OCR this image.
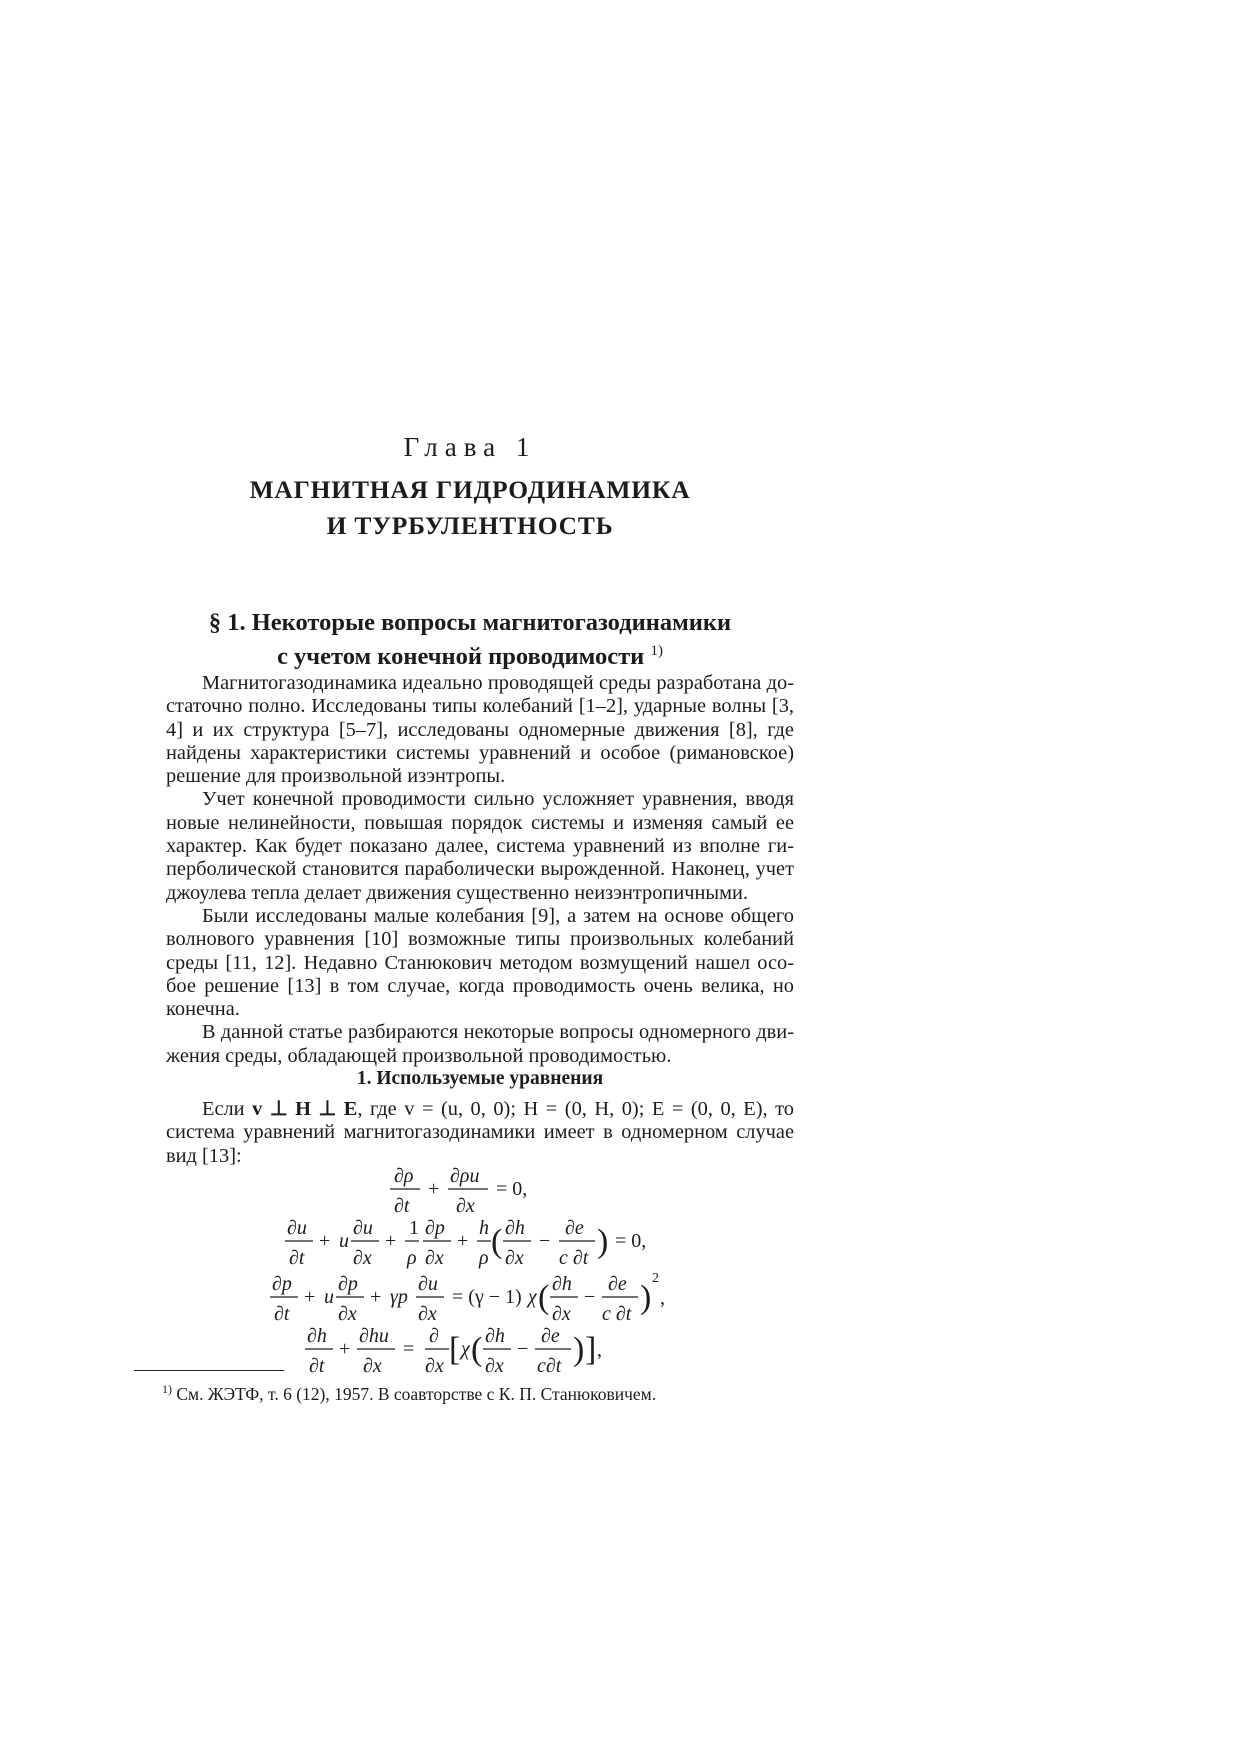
Глава 1
МАГНИТНАЯ ГИДРОДИНАМИКА
И ТУРБУЛЕНТНОСТЬ
§ 1. Некоторые вопросы магнитогазодинамики
с учетом конечной проводимости $^{1)}$

Магнитогазодинамика идеально проводящей среды разработана до- статочно полно. Исследованы типы колебаний [1–2], ударные волны [3, 4] и их структура [5–7], исследованы одномерные движения [8], где найдены характеристики системы уравнений и особое (римановское) решение для произвольной изэнтропы.

Учет конечной проводимости сильно усложняет уравнения, вводя новые нелинейности, повышая порядок системы и изменяя самый ее характер. Как будет показано далее, система уравнений из вполне ги- перболической становится параболически вырожденной. Наконец, учет джоулева тепла делает движения существенно неизэнтропичными.

Были исследованы малые колебания [9], а затем на основе общего волнового уравнения [10] возможные типы произвольных колебаний среды [11, 12]. Недавно Станюкович методом возмущений нашел осо- бое решение [13] в том случае, когда проводимость очень велика, но конечна.

В данной статье разбираются некоторые вопросы одномерного дви- жения среды, обладающей произвольной проводимостью.

1. Используемые уравнения
Если v ⊥ H ⊥ E, где v = (u, 0, 0); H = (0, H, 0); E = (0, 0, E), то система уравнений магнитогазодинамики имеет в одномерном случае вид [13]:
∂ρ
∂t
+
∂ρu
∂x
= 0,
∂u
∂t
+ u
∂u
∂x
+
1
ρ
∂p
∂x
+
h
ρ ( ∂h
∂x
−
∂e
c ∂t ) = 0,
∂p
∂t
+ u
∂p
∂x
+ γp
∂u
∂x
= (γ − 1) χ ( ∂h
∂x
−
∂e
c ∂t )
2
,
∂h
∂t
+
∂hu
∂x
=
∂
∂x [ χ ( ∂h
∂x
−
∂e
c∂t ) ] ,
$^{1)}$ См. ЖЭТФ, т. 6 (12), 1957. В соавторстве с К. П. Станюковичем.
